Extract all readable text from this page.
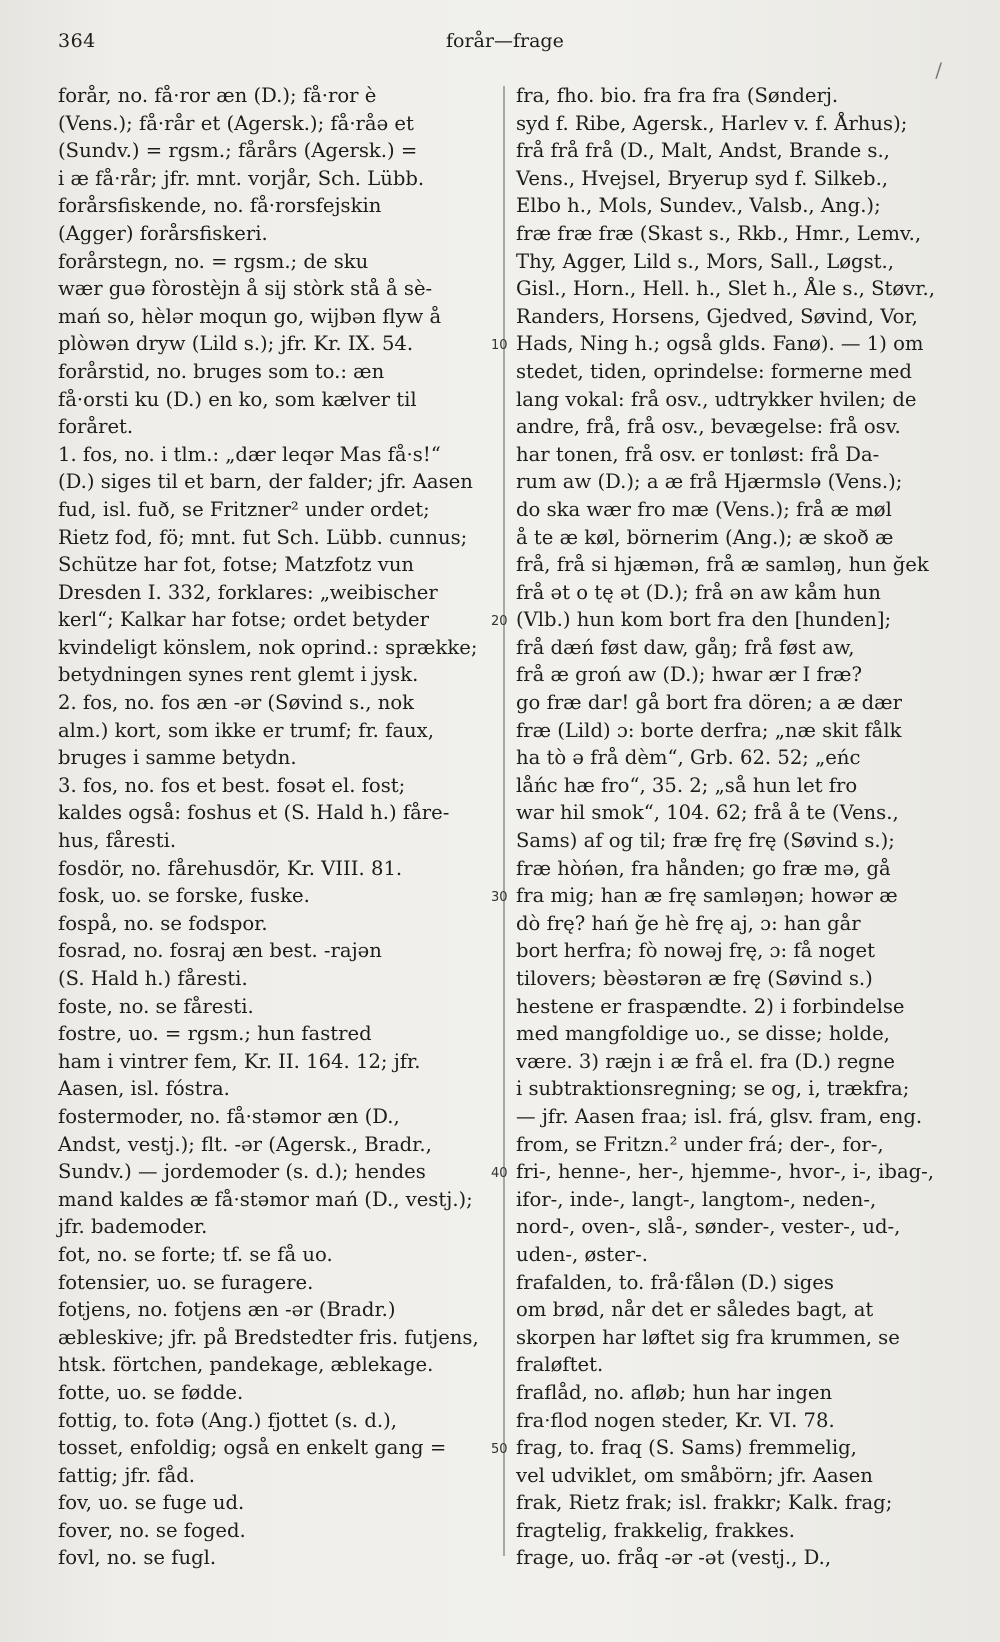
364	forår—frage
/
forår, no. få·ror æn (D.); få·ror è
(Vens.); få·rår et (Agersk.); få·råə et
(Sundv.) = rgsm.; fårårs (Agersk.) =
i æ få·rår; jfr. mnt. vorjår, Sch. Lübb.
forårsfiskende, no. få·rorsfejskin
(Agger) forårsfiskeri.
forårstegn, no. = rgsm.; de sku
wær guə fòrostèjn å sij stòrk stå å sè-
mań so, hèlər moqun go, wijbən flyw å
plòwən dryw (Lild s.); jfr. Kr. IX. 54.
forårstid, no. bruges som to.: æn
få·orsti ku (D.) en ko, som kælver til
foråret.
1. fos, no. i tlm.: „dær leqər Mas få·s!“
(D.) siges til et barn, der falder; jfr. Aasen
fud, isl. fuð, se Fritzner² under ordet;
Rietz fod, fö; mnt. fut Sch. Lübb. cunnus;
Schütze har fot, fotse; Matzfotz vun
Dresden I. 332, forklares: „weibischer
kerl“; Kalkar har fotse; ordet betyder
kvindeligt könslem, nok oprind.: sprække;
betydningen synes rent glemt i jysk.
2. fos, no. fos æn -ər (Søvind s., nok
alm.) kort, som ikke er trumf; fr. faux,
bruges i samme betydn.
3. fos, no. fos et best. fosət el. fost;
kaldes også: foshus et (S. Hald h.) fåre-
hus, fåresti.
fosdör, no. fårehusdör, Kr. VIII. 81.
fosk, uo. se forske, fuske.
fospå, no. se fodspor.
fosrad, no. fosraj æn best. -rajən
(S. Hald h.) fåresti.
foste, no. se fåresti.
fostre, uo. = rgsm.; hun fastred
ham i vintrer fem, Kr. II. 164. 12; jfr.
Aasen, isl. fóstra.
fostermoder, no. få·stəmor æn (D.,
Andst, vestj.); flt. -ər (Agersk., Bradr.,
Sundv.) — jordemoder (s. d.); hendes
mand kaldes æ få·stəmor mań (D., vestj.);
jfr. bademoder.
fot, no. se forte; tf. se få uo.
fotensier, uo. se furagere.
fotjens, no. fotjens æn -ər (Bradr.)
æbleskive; jfr. på Bredstedter fris. futjens,
htsk. förtchen, pandekage, æblekage.
fotte, uo. se fødde.
fottig, to. fotə (Ang.) fjottet (s. d.),
tosset, enfoldig; også en enkelt gang =
fattig; jfr. fåd.
fov, uo. se fuge ud.
fover, no. se foged.
fovl, no. se fugl.
fra, fho. bio. fra fra fra (Sønderj.
syd f. Ribe, Agersk., Harlev v. f. Århus);
frå frå frå (D., Malt, Andst, Brande s.,
Vens., Hvejsel, Bryerup syd f. Silkeb.,
Elbo h., Mols, Sundev., Valsb., Ang.);
fræ fræ fræ (Skast s., Rkb., Hmr., Lemv.,
Thy, Agger, Lild s., Mors, Sall., Løgst.,
Gisl., Horn., Hell. h., Slet h., Åle s., Støvr.,
Randers, Horsens, Gjedved, Søvind, Vor,
Hads, Ning h.; også glds. Fanø). — 1) om
stedet, tiden, oprindelse: formerne med
lang vokal: frå osv., udtrykker hvilen; de
andre, frå, frå osv., bevægelse: frå osv.
har tonen, frå osv. er tonløst: frå Da-
rum aw (D.); a æ frå Hjærmslə (Vens.);
do ska wær fro mæ (Vens.); frå æ møl
å te æ køl, börnerim (Ang.); æ skoð æ
frå, frå si hjæmən, frå æ samləŋ, hun ğek
frå ət o tę ət (D.); frå ən aw kåm hun
(Vlb.) hun kom bort fra den [hunden];
frå dæń føst daw, gåŋ; frå føst aw,
frå æ groń aw (D.); hwar ær I fræ?
go fræ dar! gå bort fra dören; a æ dær
fræ (Lild) ɔ: borte derfra; „næ skit fålk
ha tò ə frå dèm“, Grb. 62. 52; „eńc
låńc hæ fro“, 35. 2; „så hun let fro
war hil smok“, 104. 62; frå å te (Vens.,
Sams) af og til; fræ frę frę (Søvind s.);
fræ hòńən, fra hånden; go fræ mə, gå
fra mig; han æ frę samləŋən; howər æ
dò frę? hań ğe hè frę aj, ɔ: han går
bort herfra; fò nowəj frę, ɔ: få noget
tilovers; bèəstərən æ frę (Søvind s.)
hestene er fraspændte. 2) i forbindelse
med mangfoldige uo., se disse; holde,
være. 3) ræjn i æ frå el. fra (D.) regne
i subtraktionsregning; se og, i, trækfra;
— jfr. Aasen fraa; isl. frá, glsv. fram, eng.
from, se Fritzn.² under frá; der-, for-,
fri-, henne-, her-, hjemme-, hvor-, i-, ibag-,
ifor-, inde-, langt-, langtom-, neden-,
nord-, oven-, slå-, sønder-, vester-, ud-,
uden-, øster-.
frafalden, to. frå·fålən (D.) siges
om brød, når det er således bagt, at
skorpen har løftet sig fra krummen, se
fraløftet.
fraflåd, no. afløb; hun har ingen
fra·flod nogen steder, Kr. VI. 78.
frag, to. fraq (S. Sams) fremmelig,
vel udviklet, om småbörn; jfr. Aasen
frak, Rietz frak; isl. frakkr; Kalk. frag;
fragtelig, frakkelig, frakkes.
frage, uo. fråq -ər -ət (vestj., D.,
10
20
30
40
50
